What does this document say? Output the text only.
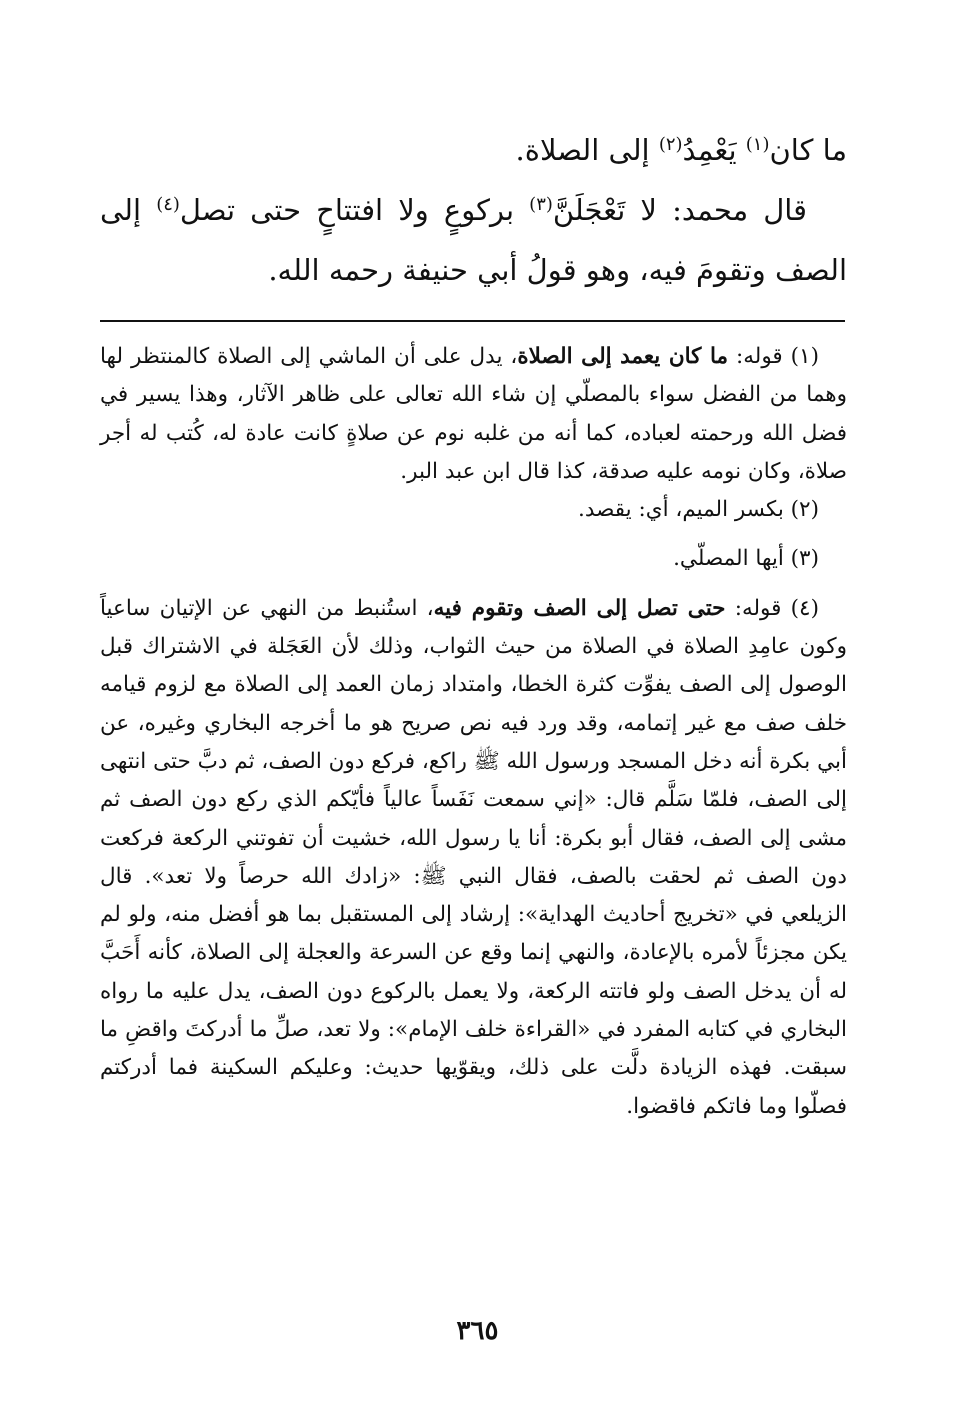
ما كان$^{(١)}$ يَعْمِدُ$^{(٢)}$ إلى الصلاة.

قال محمد: لا تَعْجَلَنَّ$^{(٣)}$ بركوعٍ ولا افتتاحٍ حتى تصل$^{(٤)}$ إلى الصف وتقومَ فيه، وهو قولُ أبي حنيفة رحمه الله.

(١) قوله: ما كان يعمد إلى الصلاة، يدل على أن الماشي إلى الصلاة كالمنتظر لها وهما من الفضل سواء بالمصلّي إن شاء الله تعالى على ظاهر الآثار، وهذا يسير في فضل الله ورحمته لعباده، كما أنه من غلبه نوم عن صلاةٍ كانت عادة له، كُتب له أجر صلاة، وكان نومه عليه صدقة، كذا قال ابن عبد البر.

(٢) بكسر الميم، أي: يقصد.

(٣) أيها المصلّي.

(٤) قوله: حتى تصل إلى الصف وتقوم فيه، استُنبط من النهي عن الإتيان ساعياً وكون عامِدِ الصلاة في الصلاة من حيث الثواب، وذلك لأن العَجَلة في الاشتراك قبل الوصول إلى الصف يفوِّت كثرة الخطا، وامتداد زمان العمد إلى الصلاة مع لزوم قيامه خلف صف مع غير إتمامه، وقد ورد فيه نص صريح هو ما أخرجه البخاري وغيره، عن أبي بكرة أنه دخل المسجد ورسول الله ﷺ راكع، فركع دون الصف، ثم دبَّ حتى انتهى إلى الصف، فلمّا سَلَّم قال: «إني سمعت نَفَساً عالياً فأيّكم الذي ركع دون الصف ثم مشى إلى الصف، فقال أبو بكرة: أنا يا رسول الله، خشيت أن تفوتني الركعة فركعت دون الصف ثم لحقت بالصف، فقال النبي ﷺ: «زادك الله حرصاً ولا تعد». قال الزيلعي في «تخريج أحاديث الهداية»: إرشاد إلى المستقبل بما هو أفضل منه، ولو لم يكن مجزئاً لأمره بالإعادة، والنهي إنما وقع عن السرعة والعجلة إلى الصلاة، كأنه أَحَبَّ له أن يدخل الصف ولو فاتته الركعة، ولا يعمل بالركوع دون الصف، يدل عليه ما رواه البخاري في كتابه المفرد في «القراءة خلف الإمام»: ولا تعد، صلِّ ما أدركتَ واقضِ ما سبقت. فهذه الزيادة دلَّت على ذلك، ويقوّيها حديث: وعليكم السكينة فما أدركتم فصلّوا وما فاتكم فاقضوا.

٣٦٥
